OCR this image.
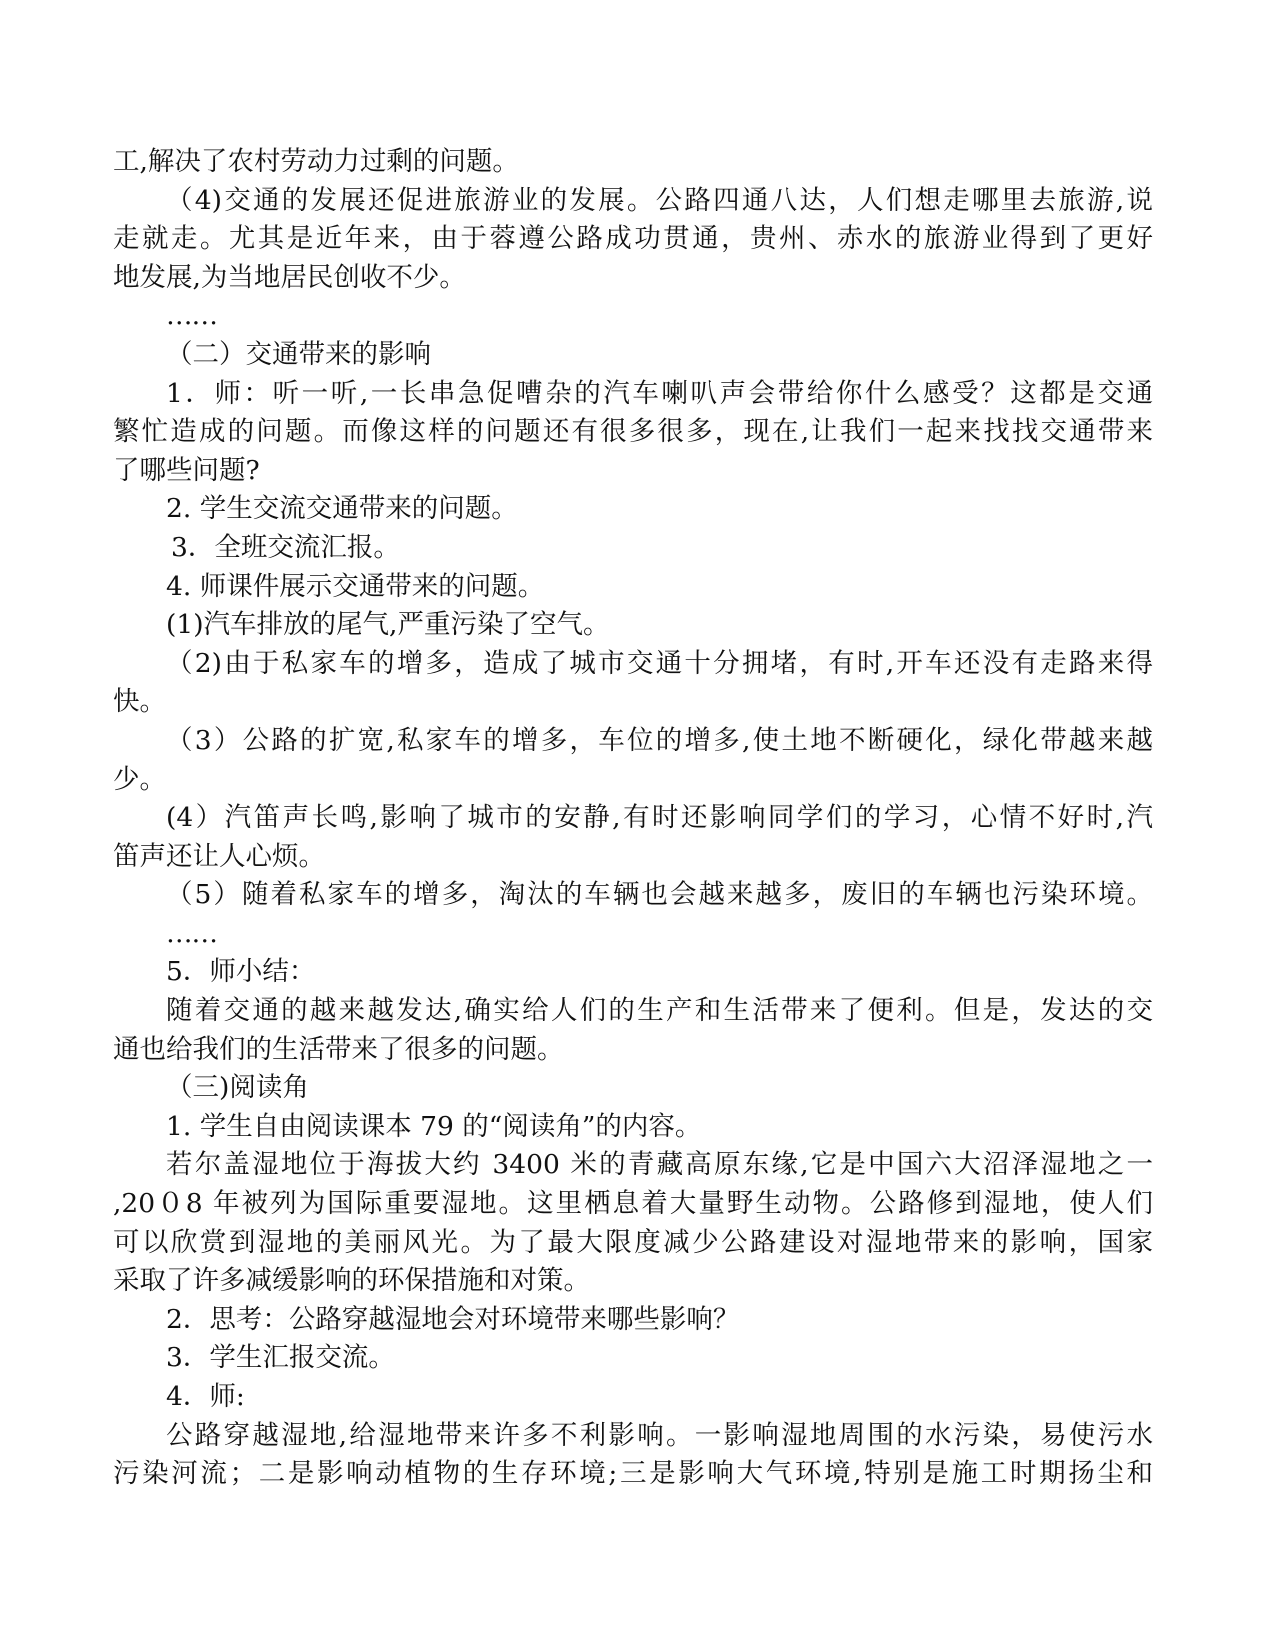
工,解决了农村劳动力过剩的问题。
（4)交通的发展还促进旅游业的发展。公路四通八达，人们想走哪里去旅游,说
走就走。尤其是近年来，由于蓉遵公路成功贯通，贵州、赤水的旅游业得到了更好
地发展,为当地居民创收不少。
……
（二）交通带来的影响
1．师：听一听,一长串急促嘈杂的汽车喇叭声会带给你什么感受？这都是交通
繁忙造成的问题。而像这样的问题还有很多很多，现在,让我们一起来找找交通带来
了哪些问题?
2. 学生交流交通带来的问题。
3．全班交流汇报。
4. 师课件展示交通带来的问题。
(1)汽车排放的尾气,严重污染了空气。
（2)由于私家车的增多，造成了城市交通十分拥堵，有时,开车还没有走路来得
快。
（3）公路的扩宽,私家车的增多，车位的增多,使土地不断硬化，绿化带越来越
少。
(4）汽笛声长鸣,影响了城市的安静,有时还影响同学们的学习，心情不好时,汽
笛声还让人心烦。
（5）随着私家车的增多，淘汰的车辆也会越来越多，废旧的车辆也污染环境。
……
5．师小结：
随着交通的越来越发达,确实给人们的生产和生活带来了便利。但是，发达的交
通也给我们的生活带来了很多的问题。
（三)阅读角
1. 学生自由阅读课本 79 的“阅读角”的内容。
若尔盖湿地位于海拔大约 3400 米的青藏高原东缘,它是中国六大沼泽湿地之一
,20０8 年被列为国际重要湿地。这里栖息着大量野生动物。公路修到湿地，使人们
可以欣赏到湿地的美丽风光。为了最大限度减少公路建设对湿地带来的影响，国家
采取了许多减缓影响的环保措施和对策。
2．思考：公路穿越湿地会对环境带来哪些影响？
3．学生汇报交流。
4．师:
公路穿越湿地,给湿地带来许多不利影响。一影响湿地周围的水污染，易使污水
污染河流；二是影响动植物的生存环境;三是影响大气环境,特别是施工时期扬尘和
